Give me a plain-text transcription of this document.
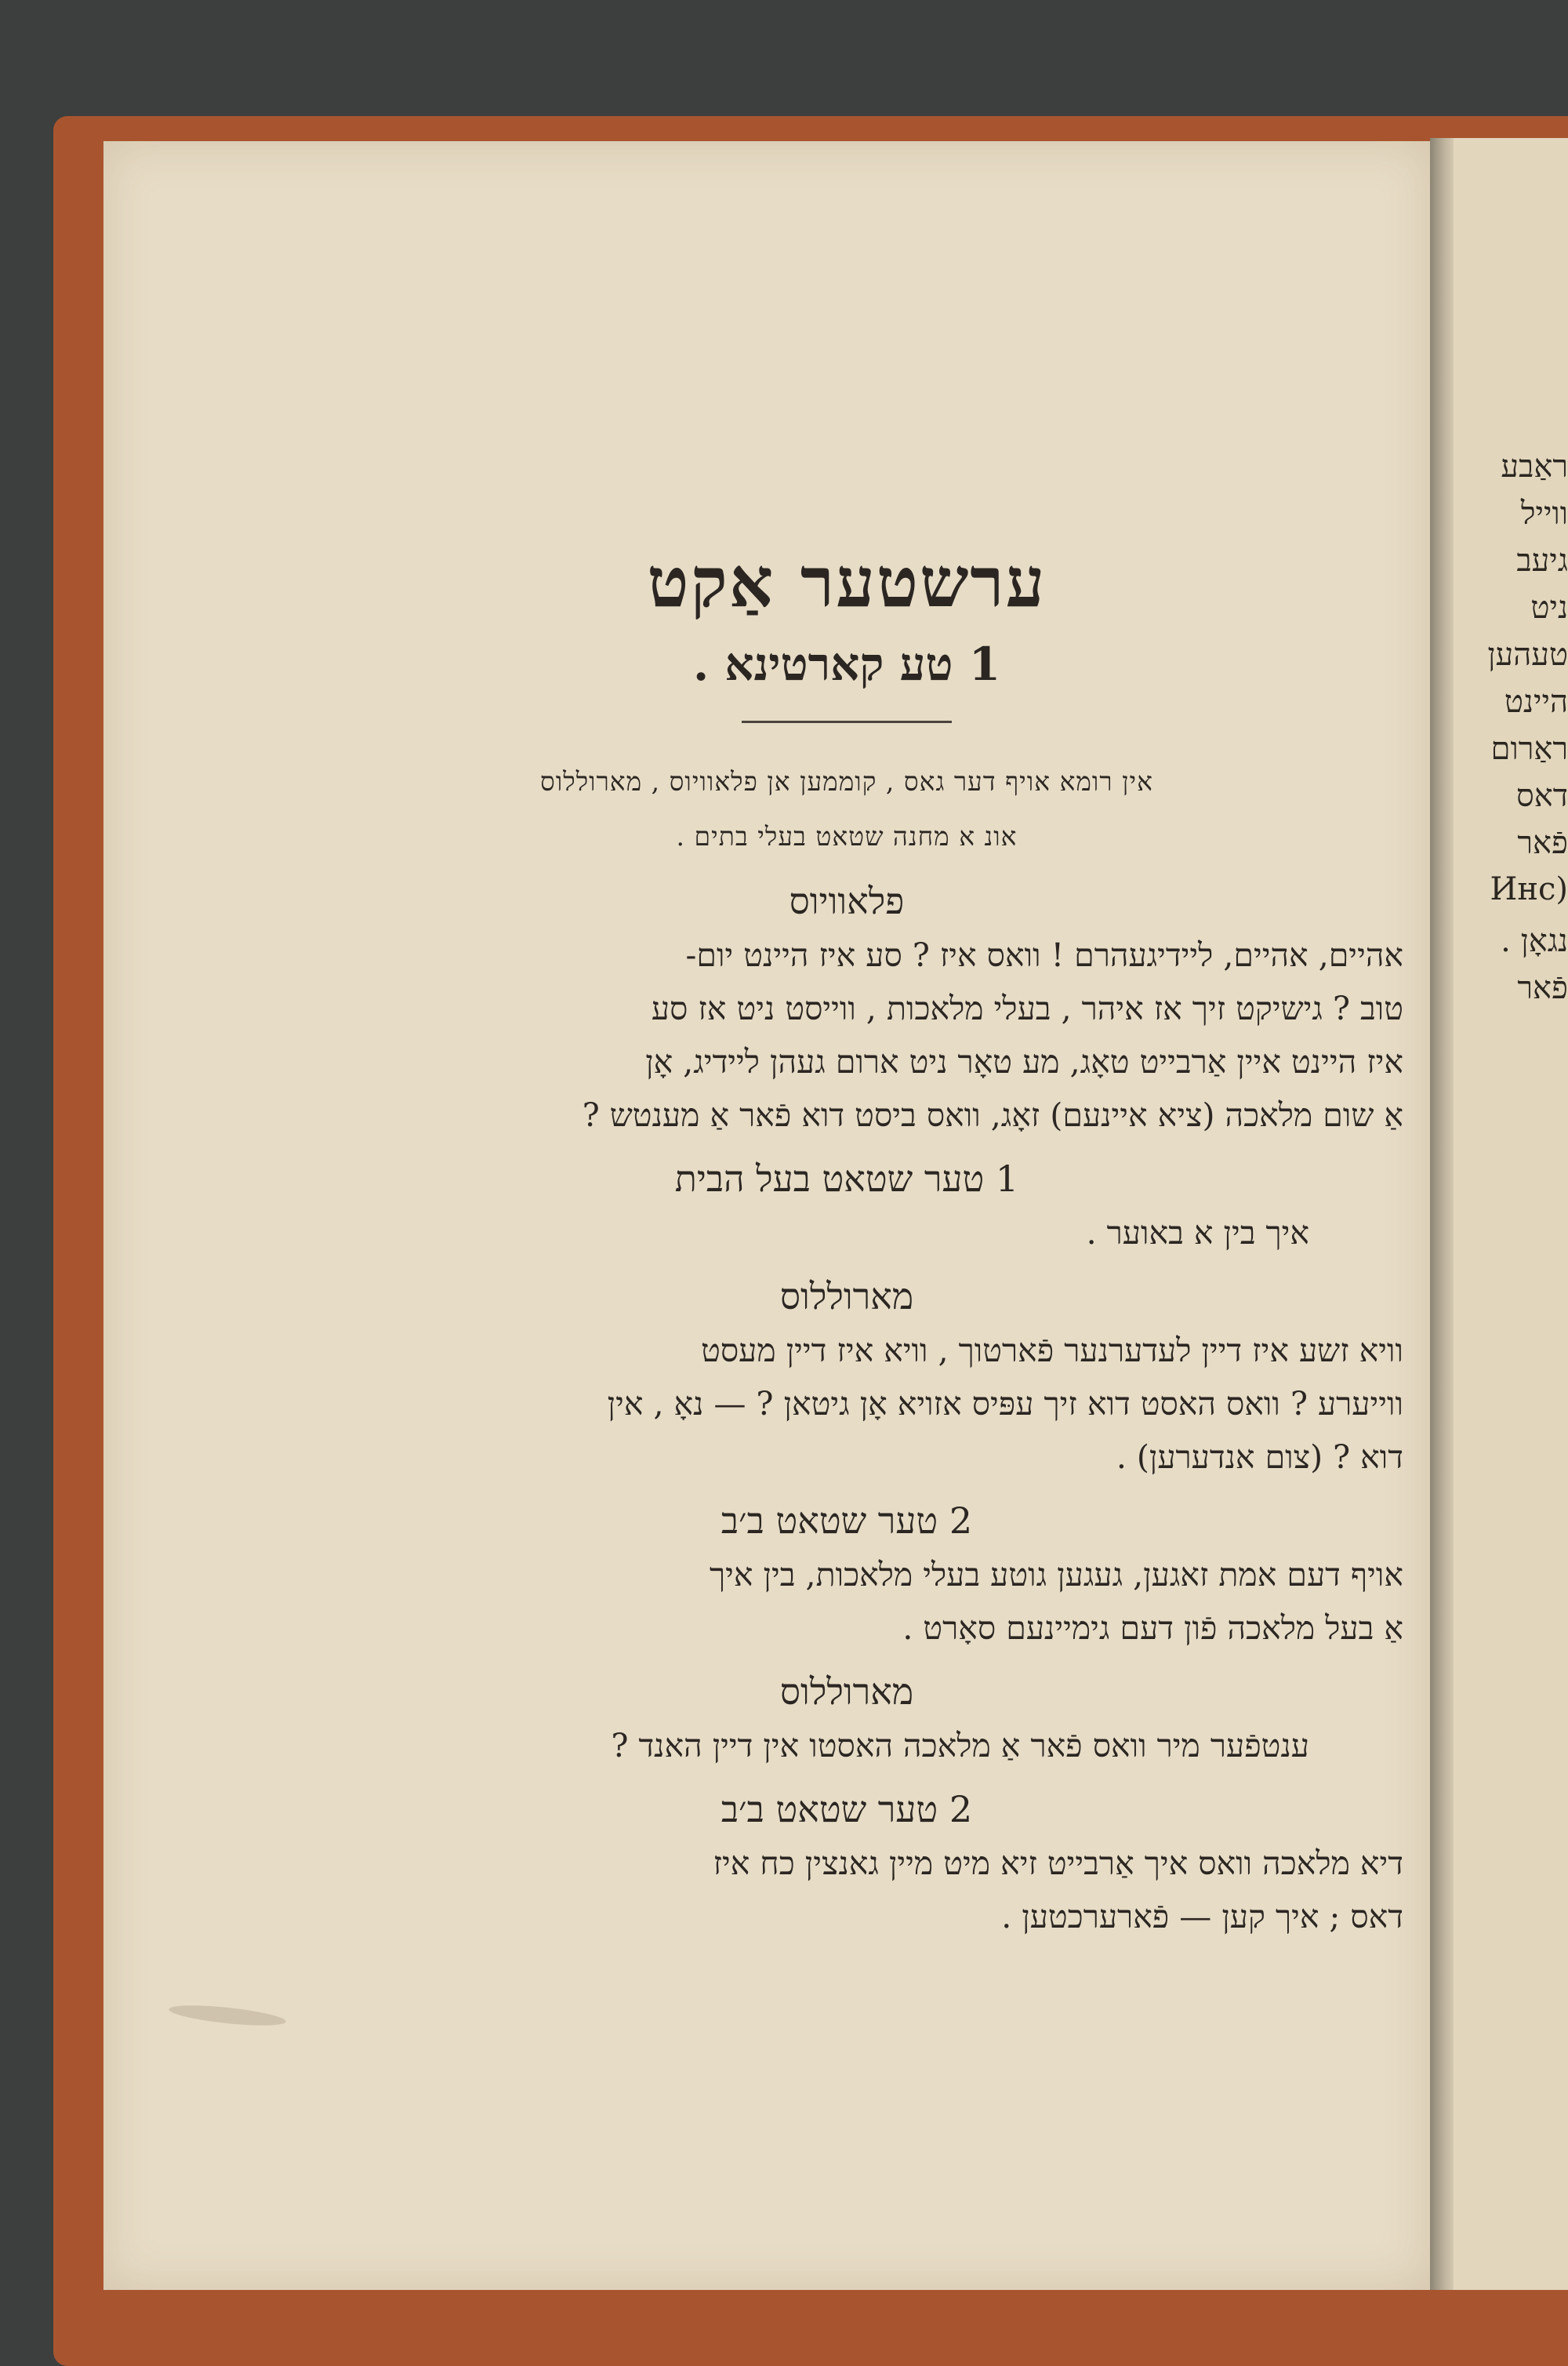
ראַבע
ווייל
גיעב
ניט
טעהען
היינט
ראַרום
דאס
פֿאר
(Инс
נגאָן .
פֿאר
ערשטער אַקט
1 טע קארטינא .
אין רומא אויף דער גאס , קוממען אן פלאוויוס , מארוללוס
אונ א מחנה שטאט בעלי בתים .
פלאוויוס
אהיים, אהיים, ליידיגעהרם ! וואס איז ? סע איז היינט יום-
טוב ? גישיקט זיך אז איהר , בעלי מלאכות , ווייסט ניט אז סע
איז היינט איין אַרבייט טאָג, מע טאָר ניט ארום געהן ליידיג, אָן
אַ שום מלאכה (ציא איינעם) זאָג, וואס ביסט דוא פֿאר אַ מענטש ?
1 טער שטאט בעל הבית
איך בין א באוער .
מארוללוס
וויא זשע איז דיין לעדערנער פֿארטוך , וויא איז דיין מעסט
ווייערע ? וואס האסט דוא זיך עפּיס אזויא אָן גיטאן ? — נאָ , אין
דוא ? (צום אנדערען) .
2 טער שטאט ב׳ב
אויף דעם אמת זאגען, געגען גוטע בעלי מלאכות, בין איך
אַ בעל מלאכה פֿון דעם גימיינעם סאָרט .
מארוללוס
ענטפֿער מיר וואס פֿאר אַ מלאכה האסטו אין דיין האנד ?
2 טער שטאט ב׳ב
דיא מלאכה וואס איך אַרבייט זיא מיט מיין גאנצין כח איז
דאס ; איך קען — פֿארערכטען .
